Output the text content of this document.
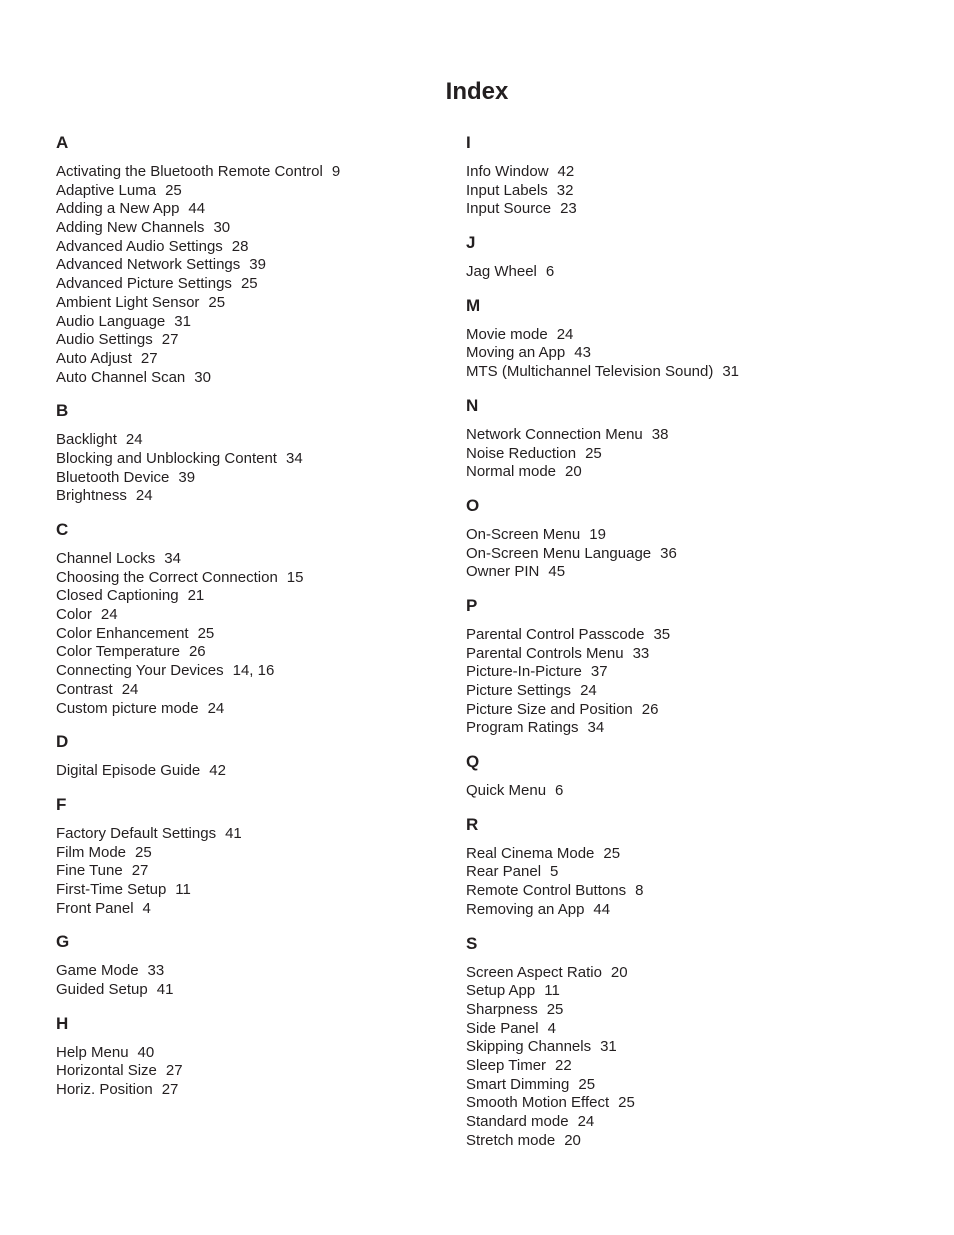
Index
A
Activating the Bluetooth Remote Control 9
Adaptive Luma 25
Adding a New App 44
Adding New Channels 30
Advanced Audio Settings 28
Advanced Network Settings 39
Advanced Picture Settings 25
Ambient Light Sensor 25
Audio Language 31
Audio Settings 27
Auto Adjust 27
Auto Channel Scan 30
B
Backlight 24
Blocking and Unblocking Content 34
Bluetooth Device 39
Brightness 24
C
Channel Locks 34
Choosing the Correct Connection 15
Closed Captioning 21
Color 24
Color Enhancement 25
Color Temperature 26
Connecting Your Devices 14, 16
Contrast 24
Custom picture mode 24
D
Digital Episode Guide 42
F
Factory Default Settings 41
Film Mode 25
Fine Tune 27
First-Time Setup 11
Front Panel 4
G
Game Mode 33
Guided Setup 41
H
Help Menu 40
Horizontal Size 27
Horiz. Position 27
I
Info Window 42
Input Labels 32
Input Source 23
J
Jag Wheel 6
M
Movie mode 24
Moving an App 43
MTS (Multichannel Television Sound) 31
N
Network Connection Menu 38
Noise Reduction 25
Normal mode 20
O
On-Screen Menu 19
On-Screen Menu Language 36
Owner PIN 45
P
Parental Control Passcode 35
Parental Controls Menu 33
Picture-In-Picture 37
Picture Settings 24
Picture Size and Position 26
Program Ratings 34
Q
Quick Menu 6
R
Real Cinema Mode 25
Rear Panel 5
Remote Control Buttons 8
Removing an App 44
S
Screen Aspect Ratio 20
Setup App 11
Sharpness 25
Side Panel 4
Skipping Channels 31
Sleep Timer 22
Smart Dimming 25
Smooth Motion Effect 25
Standard mode 24
Stretch mode 20
